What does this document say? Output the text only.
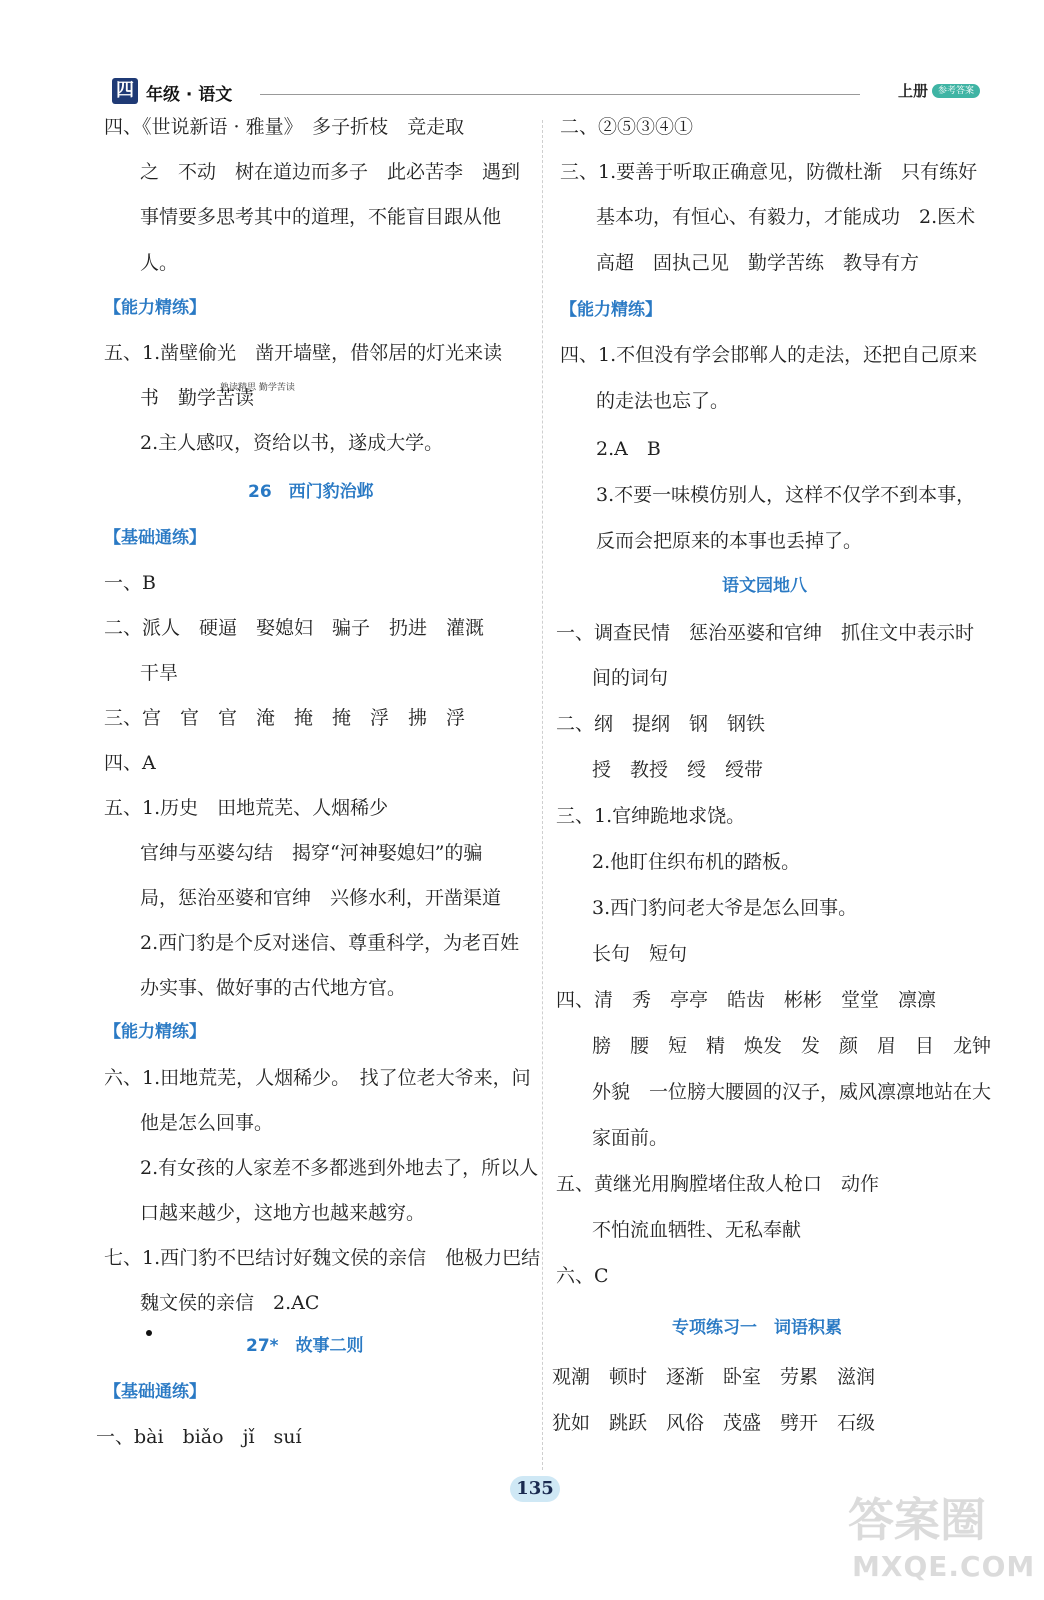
四 年级 · 语文	上册	参考答案
四、《世说新语 · 雅量》　多子折枝　竞走取
之　不动　树在道边而多子　此必苦李　遇到
事情要多思考其中的道理，不能盲目跟从他
人。
【能力精练】
五、1.凿壁偷光　凿开墙壁，借邻居的灯光来读
书　勤学苦读
熟读精思 勤学苦读
2.主人感叹，资给以书，遂成大学。
26　西门豹治邺
【基础通练】
一、B
二、派人　硬逼　娶媳妇　骗子　扔进　灌溉
干旱
三、宫　官　官　淹　掩　掩　浮　拂　浮
四、A
五、1.历史　田地荒芜、人烟稀少
官绅与巫婆勾结　揭穿“河神娶媳妇”的骗
局，惩治巫婆和官绅　兴修水利，开凿渠道
2.西门豹是个反对迷信、尊重科学，为老百姓
办实事、做好事的古代地方官。
【能力精练】
六、1.田地荒芜，人烟稀少。　找了位老大爷来，问
他是怎么回事。
2.有女孩的人家差不多都逃到外地去了，所以人
口越来越少，这地方也越来越穷。
七、1.西门豹不巴结讨好魏文侯的亲信　他极力巴结
魏文侯的亲信　2.AC
27*　故事二则
【基础通练】
一、bài　biǎo　jǐ　suí
二、②⑤③④①
三、1.要善于听取正确意见，防微杜渐　只有练好
基本功，有恒心、有毅力，才能成功　2.医术
高超　固执己见　勤学苦练　教导有方
【能力精练】
四、1.不但没有学会邯郸人的走法，还把自己原来
的走法也忘了。
2.A　B
3.不要一味模仿别人，这样不仅学不到本事，
反而会把原来的本事也丢掉了。
语文园地八
一、调查民情　惩治巫婆和官绅　抓住文中表示时
间的词句
二、纲　提纲　钢　钢铁
授　教授　绶　绶带
三、1.官绅跪地求饶。
2.他盯住织布机的踏板。
3.西门豹问老大爷是怎么回事。
长句　短句
四、清　秀　亭亭　皓齿　彬彬　堂堂　凛凛
膀　腰　短　精　焕发　发　颜　眉　目　龙钟
外貌　一位膀大腰圆的汉子，威风凛凛地站在大
家面前。
五、黄继光用胸膛堵住敌人枪口　动作
不怕流血牺牲、无私奉献
六、C
专项练习一　词语积累
观潮　顿时　逐渐　卧室　劳累　滋润
犹如　跳跃　风俗　茂盛　劈开　石级
135
答案圈
MXQE.COM
